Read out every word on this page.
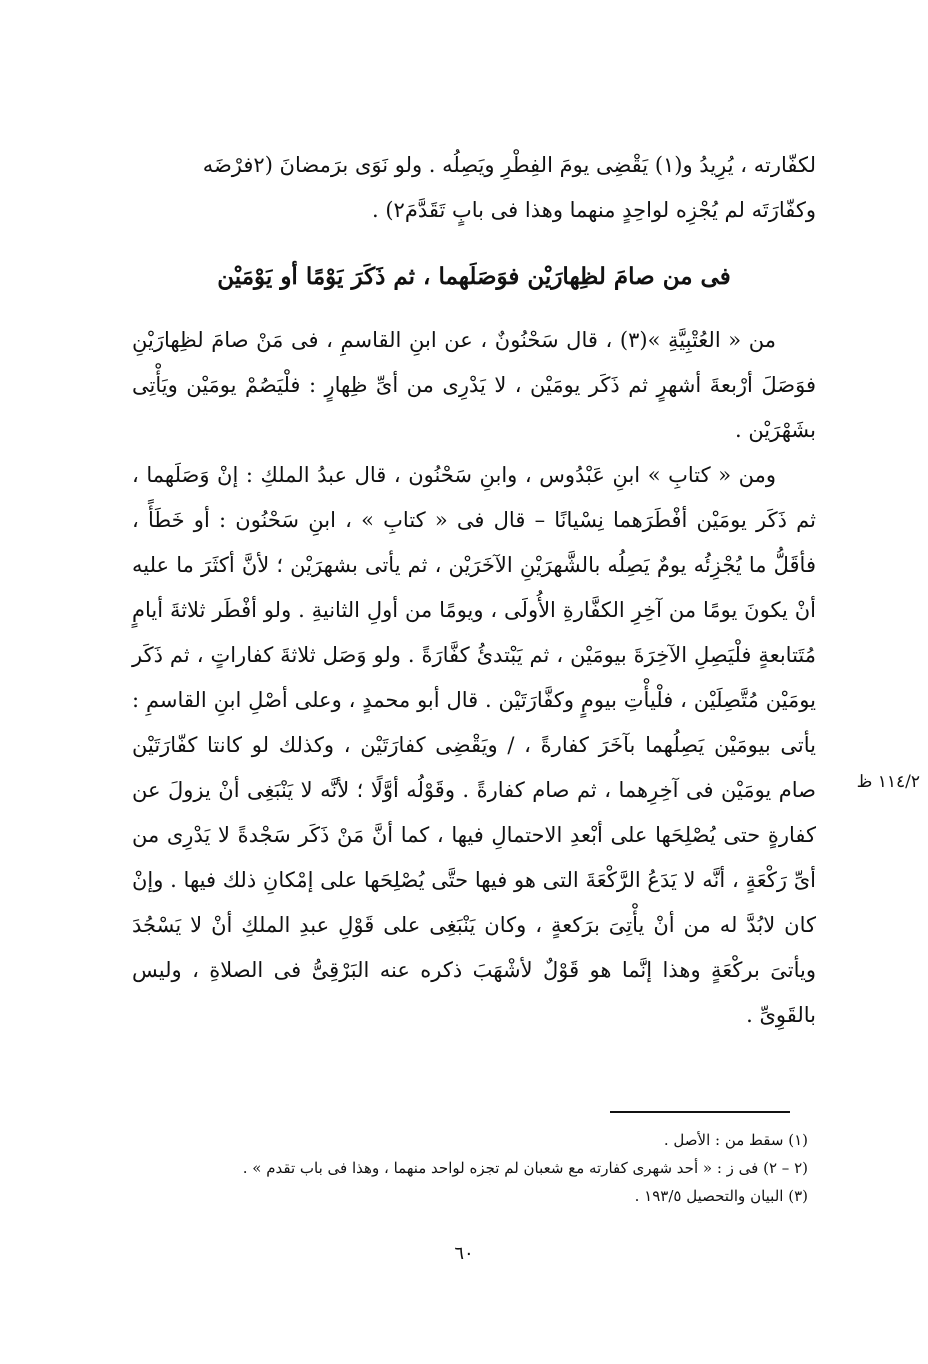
لكفّارته ، يُرِيدُ و(١) يَقْضِى يومَ الفِطْرِ ويَصِلُه . ولو نَوَى برَمضانَ (٢فرْضَه
وكفّارَتَه لم يُجْزِه لواحِدٍ منهما وهذا فى بابٍ تَقَدَّمَ٢) .
فى من صامَ لظِهارَيْن فوَصَلَهما ، ثم ذَكَرَ يَوْمًا أو يَوْمَيْن

من « العُتْبِيَّةِ »(٣) ، قال سَحْنُونٌ ، عن ابنِ القاسمِ ، فى مَنْ صامَ لظِهارَيْنِ فوَصَلَ أرْبعةَ أشهرٍ ثم ذَكَر يومَيْن ، لا يَدْرِى من أىِّ ظِهارٍ : فلْيَصُمْ يومَيْن ويَأْتِى بشَهْرَيْن .

ومن « كتابِ » ابنِ عَبْدُوس ، وابنِ سَحْنُون ، قال عبدُ الملكِ : إنْ وَصَلَهما ، ثم ذَكَر يومَيْن أفْطَرَهما نِسْيانًا – قال فى « كتابِ » ، ابنِ سَحْنُون : أو خَطَأً ، فأقَلُّ ما يُجْزِئُه يومٌ يَصِلُه بالشَّهرَيْنِ الآخَرَيْن ، ثم يأتى بشهرَيْن ؛ لأنَّ أكثَرَ ما عليه أنْ يكونَ يومًا من آخِرِ الكفَّارةِ الأُولَى ، ويومًا من أولِ الثانيةِ . ولو أفْطَر ثلاثةَ أيامٍ مُتَتابعةٍ فلْيَصِلِ الآخِرَةَ بيومَيْن ، ثم يَبْتدئُ كفَّارَةً . ولو وَصَل ثلاثةَ كفاراتٍ ، ثم ذَكَر يومَيْن مُتَّصِلَيْن ، فلْيأْتِ بيومٍ وكفَّارَتَيْن . قال أبو محمدٍ ، وعلى أصْلِ ابنِ القاسمِ : يأتى بيومَيْن يَصِلُهما بآخَرَ كفارةً ، / ويَقْضِى كفارَتَيْن ، وكذلك لو كانتا كفّارَتَيْن صام يومَيْن فى آخِرِهما ، ثم صام كفارةً . وقَوْلُه أوَّلًا ؛ لأنَّه لا يَنْبَغِى أنْ يزولَ عن كفارةٍ حتى يُصْلِحَها على أبْعدِ الاحتمالِ فيها ، كما أنَّ مَنْ ذَكَر سَجْدةً لا يَدْرِى من أىِّ رَكْعَةٍ ، أنَّه لا يَدَعُ الرَّكْعَةَ التى هو فيها حتَّى يُصْلِحَها على إمْكانِ ذلك فيها . وإنْ كان لابُدَّ له من أنْ يأْتِىَ برَكعةٍ ، وكان يَنْبَغِى على قَوْلِ عبدِ الملكِ أنْ لا يَسْجُدَ ويأتىَ بركْعَةٍ وهذا إنَّما هو قَوْلٌ لأشْهَبَ ذكره عنه البَرْقِىُّ فى الصلاةِ ، وليس بالقَوِىِّ .

١١٤/٢ ظ

(١) سقط من : الأصل .

(٢ – ٢) فى ز : « أحد شهرى كفارته مع شعبان لم تجزه لواحد منهما ، وهذا فى باب تقدم » .

(٣) البيان والتحصيل ١٩٣/٥ .

٦٠
